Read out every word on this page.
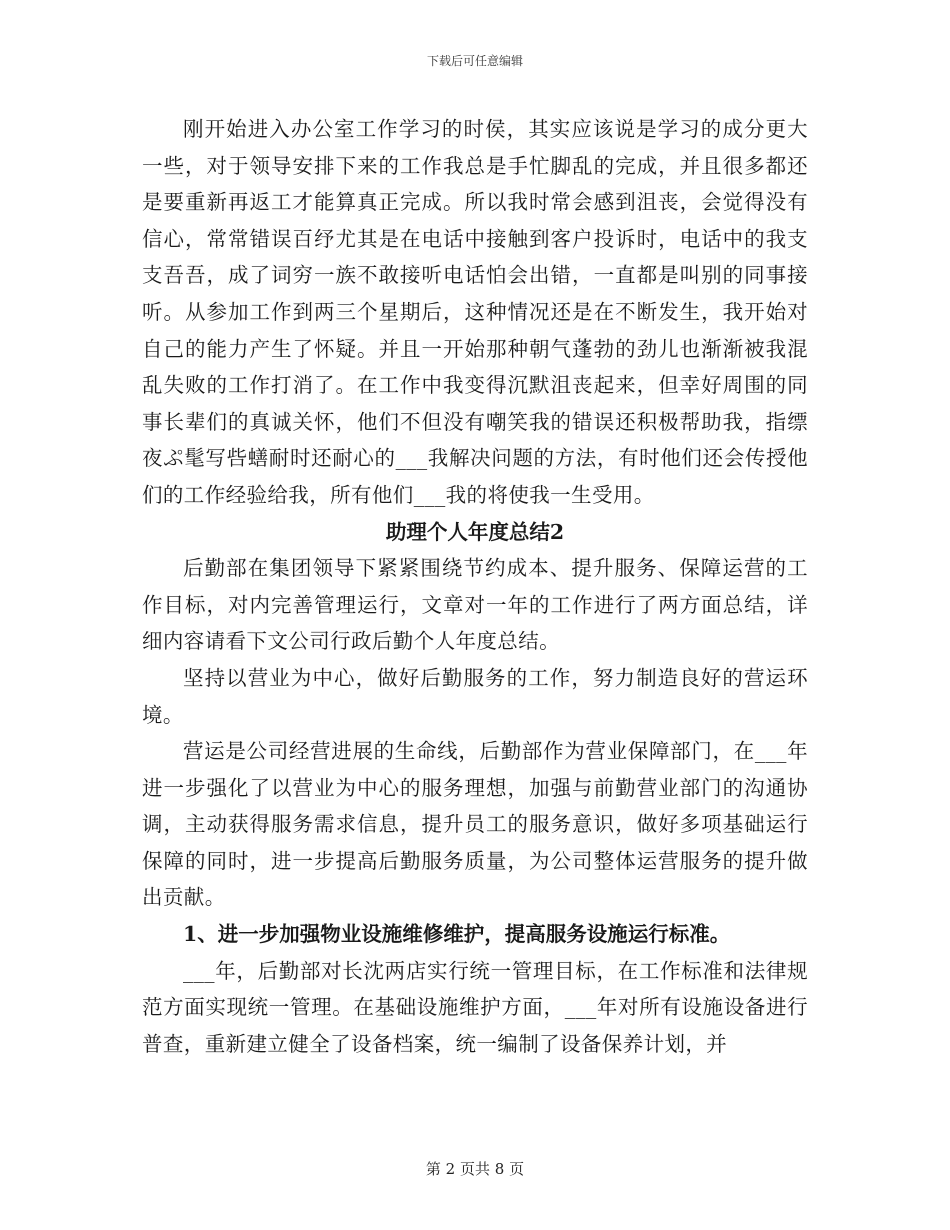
下载后可任意编辑

刚开始进入办公室工作学习的时侯，其实应该说是学习的成分更大一些，对于领导安排下来的工作我总是手忙脚乱的完成，并且很多都还是要重新再返工才能算真正完成。所以我时常会感到沮丧，会觉得没有信心，常常错误百纾尤其是在电话中接触到客户投诉时，电话中的我支支吾吾，成了词穷一族不敢接听电话怕会出错，一直都是叫别的同事接听。从参加工作到两三个星期后，这种情况还是在不断发生，我开始对自己的能力产生了怀疑。并且一开始那种朝气蓬勃的劲儿也渐渐被我混乱失败的工作打消了。在工作中我变得沉默沮丧起来，但幸好周围的同事长辈们的真诚关怀，他们不但没有嘲笑我的错误还积极帮助我，指缥夜ぷ髦写呰蟮耐时还耐心的___我解决问题的方法，有时他们还会传授他们的工作经验给我，所有他们___我的将使我一生受用。

助理个人年度总结2

后勤部在集团领导下紧紧围绕节约成本、提升服务、保障运营的工作目标，对内完善管理运行，文章对一年的工作进行了两方面总结，详细内容请看下文公司行政后勤个人年度总结。

坚持以营业为中心，做好后勤服务的工作，努力制造良好的营运环境。

营运是公司经营进展的生命线，后勤部作为营业保障部门，在___年进一步强化了以营业为中心的服务理想，加强与前勤营业部门的沟通协调，主动获得服务需求信息，提升员工的服务意识，做好多项基础运行保障的同时，进一步提高后勤服务质量，为公司整体运营服务的提升做出贡献。

1、进一步加强物业设施维修维护，提高服务设施运行标准。

___年，后勤部对长沈两店实行统一管理目标，在工作标准和法律规范方面实现统一管理。在基础设施维护方面，___年对所有设施设备进行普查，重新建立健全了设备档案，统一编制了设备保养计划，并

第 2 页共 8 页
